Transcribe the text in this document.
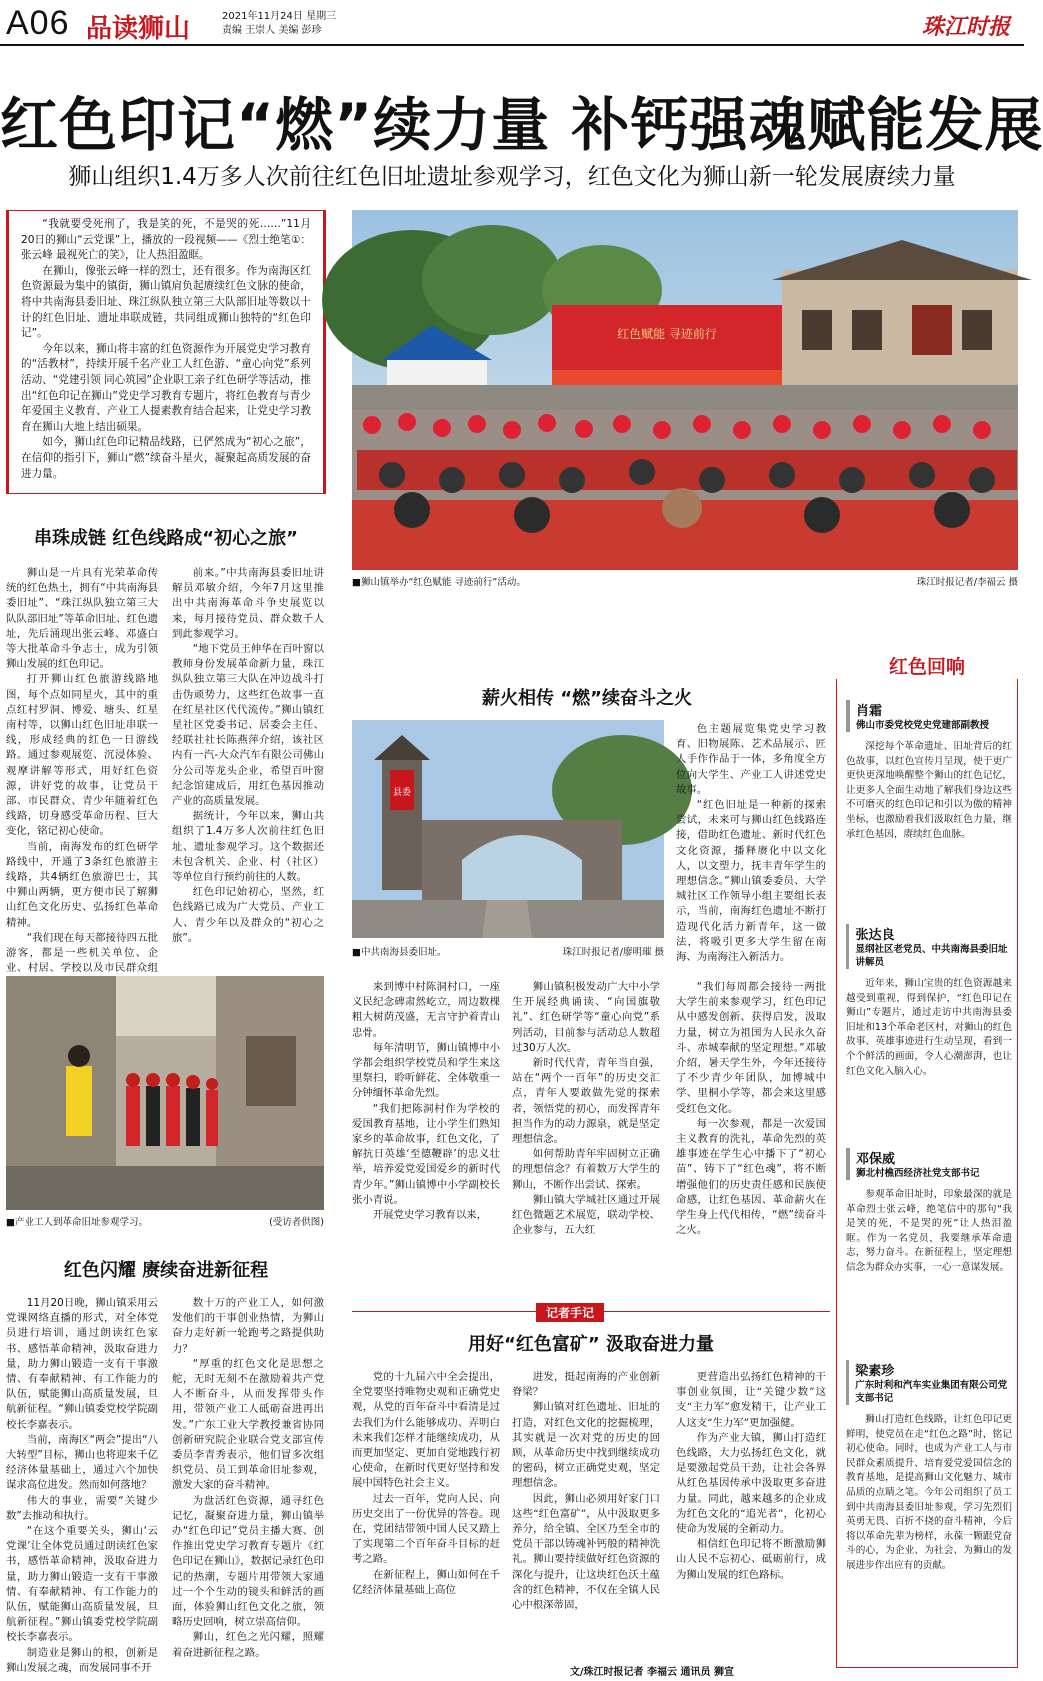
A06 品读狮山	2021年11月24日 星期三
责编 王崇人 美编 彭珍	珠江时报
红色印记“燃”续力量 补钙强魂赋能发展
狮山组织1.4万多人次前往红色旧址遗址参观学习，红色文化为狮山新一轮发展赓续力量

“我就要受死刑了，我是笑的死，不是哭的死……”11月20日的狮山“云党课”上，播放的一段视频——《烈士绝笔①：张云峰 最视死亡的笑》，让人热泪盈眶。

在狮山，像张云峰一样的烈士，还有很多。作为南海区红色资源最为集中的镇街，狮山镇肩负起赓续红色文脉的使命，将中共南海县委旧址、珠江纵队独立第三大队部旧址等数以十计的红色旧址、遗址串联成链，共同组成狮山独特的“红色印记”。

今年以来，狮山将丰富的红色资源作为开展党史学习教育的“活教材”，持续开展千名产业工人红色游、“童心向党”系列活动、“党建引领 同心筑园”企业职工亲子红色研学等活动，推出“红色印记在狮山”党史学习教育专题片，将红色教育与青少年爱国主义教育、产业工人提素教育结合起来，让党史学习教育在狮山大地上结出硕果。

如今，狮山红色印记精品线路，已俨然成为“初心之旅”，在信仰的指引下，狮山“燃”续奋斗星火，凝聚起高质发展的奋进力量。

红色赋能 寻迹前行
■狮山镇举办“红色赋能 寻迹前行”活动。	珠江时报记者/李福云 摄
串珠成链 红色线路成“初心之旅”

狮山是一片具有光荣革命传统的红色热土，拥有“中共南海县委旧址”、“珠江纵队独立第三大队队部旧址”等革命旧址、红色遗址，先后涌现出张云峰、邓盛白等大批革命斗争志士，成为引领狮山发展的红色印记。

打开狮山红色旅游线路地图，每个点如同星火，其中的重点红村罗洞、博爱、塘头、红星南村等，以狮山红色旧址串联一线，形成经典的红色一日游线路。通过参观展览、沉浸体验、观摩讲解等形式，用好红色资源，讲好党的故事，让党员干部、市民群众、青少年随着红色线路，切身感受革命历程、巨大变化，铭记初心使命。

当前，南海发布的红色研学路线中，开通了3条红色旅游主线路，共4辆红色旅游巴士，其中狮山两辆，更方便市民了解狮山红色文化历史、弘扬红色革命精神。

“我们现在每天都接待四五批游客，都是一些机关单位、企业、村居、学校以及市民群众组

前来。”中共南海县委旧址讲解员邓敏介绍，今年7月这里推出中共南海革命斗争史展览以来，每月接待党员、群众数千人到此参观学习。

“地下党员王伸华在百叶窗以教师身份发展革命新力量，珠江纵队独立第三大队在冲边战斗打击伪顽势力，这些红色故事一直在红星社区代代流传。”狮山镇红星社区党委书记、居委会主任、经联社社长陈燕萍介绍，该社区内有一汽-大众汽车有限公司佛山分公司等龙头企业，希望百叶窗纪念馆建成后，用红色基因推动产业的高质量发展。

据统计，今年以来，狮山共组织了1.4万多人次前往红色旧址、遗址参观学习。这个数据还未包含机关、企业、村（社区）等单位自行预约前往的人数。

红色印记始初心，坚然，红色线路已成为广大党员、产业工人、青少年以及群众的“初心之旅”。

■产业工人到革命旧址参观学习。	(受访者供图)
红色闪耀 赓续奋进新征程

11月20日晚，狮山镇采用云党课网络直播的形式，对全体党员进行培训，通过朗读红色家书、感悟革命精神，汲取奋进力量，助力狮山锻造一支有干事激情、有奉献精神、有工作能力的队伍，赋能狮山高质量发展，旦航新征程。“狮山镇委党校学院副校长李嘉表示。

当前，南海区“两会”提出“八大转型”目标，狮山也将迎来千亿经济体量基础上，通过六个加快谋求高位进发。然而如何落地？

伟大的事业，需要“关键少数”去推动和执行。

“在这个重要关头，狮山‘云党课’让全体党员通过朗读红色家书，感悟革命精神，汲取奋进力量，助力狮山锻造一支有干事激情、有奉献精神、有工作能力的队伍，赋能狮山高质量发展，旦航新征程。”狮山镇委党校学院副校长李嘉表示。

制造业是狮山的根，创新是狮山发展之魂，而发展同事不开

数十万的产业工人，如何激发他们的干事创业热情，为狮山奋力走好新一轮跑考之路提供助力？

“厚重的红色文化是思想之舵，无时无刻不在激励着共产党人不断奋斗，从而发挥带头作用，带领产业工人砥砺奋进再出发。”广东工业大学教授兼省协同创新研究院企业联合党支部宣传委员李青秀表示，他们冒多次组织党员、员工到革命旧址参观，激发大家的奋斗精神。

为盘活红色资源，通寻红色记忆，凝聚奋进力量，狮山镇举办“红色印记”党员主播大赛、创作推出党史学习教育专题片《红色印记在狮山》，数据记录红色印记的热潮，专题片用带领大家通过一个个生动的镜头和鲜活的画面，体验狮山红色文化之旅，领略历史回响，树立崇高信仰。

狮山，红色之光闪耀，照耀着奋进新征程之路。

薪火相传 “燃”续奋斗之火
县委
■中共南海县委旧址。	珠江时报记者/廖明璀 摄

色主题展览集党史学习教育、旧物展陈、艺术品展示、匠人手作作品于一体，多角度全方位向大学生、产业工人讲述党史故事。

“红色旧址是一种新的探索尝试，未来可与狮山红色线路连接，借助红色遗址、新时代红色文化资源，播释赓化中以文化人，以文塑力，抚丰青年学生的理想信念。”狮山镇委委员、大学城社区工作领导小组主要组长表示，当前，南海红色遗址不断打造现代化活力新青年，这一做法，将吸引更多大学生留在南海、为南海注入新活力。

来到博中村陈洞村口，一座义民纪念碑肃然屹立，周边数棵粗大树荫茂盛，无言守护着青山忠骨。

每年清明节，狮山镇博中小学都会组织学校党员和学生来这里祭扫，聆听鲜花、全体敬重一分钟缅怀革命先烈。

“我们把陈洞村作为学校的爱国教育基地，让小学生们熟知家乡的革命故事，红色文化，了解抗日英雄‘至德鞭辟’的忠义壮举，培养爱党爱国爱乡的新时代青少年。”狮山镇博中小学副校长张小青说。

开展党史学习教育以来，

狮山镇积极发动广大中小学生开展经典诵读、“向国旗敬礼”、红色研学等“童心向党”系列活动，目前参与活动总人数超过30万人次。

新时代代青，青年当自强，站在“两个一百年”的历史交汇点，青年人要敢做先觉的探索者，领悟党的初心，而发挥青年担当作为的动力源泉，就是坚定理想信念。

如何帮助青年牢固树立正确的理想信念？有着数万大学生的狮山，不断作出尝试、探索。

狮山镇大学城社区通过开展红色微题艺术展览，联动学校、企业参与，五大红

“我们每周都会接待一两批大学生前来参观学习，红色印记从中感发创新、获得启发，汲取力量，树立为祖国为人民永久奋斗、赤城奉献的坚定理想。”邓敏介绍，暑天学生外，今年还接待了不少青少年团队，加博城中学、里桐小学等，都会来这里感受红色文化。

每一次参观，都是一次爱国主义教育的洗礼，革命先烈的英雄事迹在学生心中播下了“初心苗”、铸下了“红色魂”，将不断增强他们的历史责任感和民族使命感，让红色基因、革命薪火在学生身上代代相传，“燃”续奋斗之火。

记者手记
用好“红色富矿” 汲取奋进力量

党的十九届六中全会提出，全党要坚持唯物史观和正确党史观，从党的百年奋斗中看清是过去我们为什么能够成功、弄明白未来我们怎样才能继续成功，从而更加坚定、更加自觉地践行初心使命，在新时代更好坚持和发展中国特色社会主义。

过去一百年，党向人民、向历史交出了一份优异的答卷。现在，党团结带领中国人民又踏上了实现第二个百年奋斗目标的赶考之路。

在新征程上，狮山如何在千亿经济体量基础上高位

进发，挺起南海的产业创新脊梁？

狮山镇对红色遗址、旧址的打造，对红色文化的挖掘梳理，其实就是一次对党的历史的回顾，从革命历史中找到继续成功的密码，树立正确党史观，坚定理想信念。

因此，狮山必须用好家门口这些“红色富矿”，从中汲取更多养分，给全镇、全区乃至全市的党员干部以铸魂补钙般的精神洗礼。狮山要持续做好红色资源的深化与提升，让这块红色沃土蕴含的红色精神，不仅在全镇人民心中根深蒂固，

更营造出弘扬红色精神的干事创业氛围，让“关键少数”这支“主力军”愈发精干，让产业工人这支“生力军”更加强健。

作为产业大镇，狮山打造红色线路，大力弘扬红色文化，就是要激起党员干劲，让社会各界从红色基因传承中汲取更多奋进力量。同此，越来越多的企业成为红色文化的“追光者”，化初心使命为发展的全新动力。

相信红色印记将不断激励狮山人民不忘初心、砥砺前行，成为狮山发展的红色路标。

文/珠江时报记者 李福云 通讯员 狮宣
红色回响
肖霜
佛山市委党校党史党建部副教授

深挖每个革命遗址、旧址背后的红色故事，以红色宣传月呈现，使于更广更快更深地唤醒整个狮山的红色记忆，让更多人全面生动地了解我们身边这些不可磨灭的红色印记和引以为傲的精神坐标，也激励着我们汲取红色力量，继承红色基因，赓续红色血脉。

张达良
显纲社区老党员、中共南海县委旧址讲解员

近年来，狮山宝贵的红色资源越来越受到重视，得到保护，“红色印记在狮山”专题片，通过走访中共南海县委旧址和13个革命老区村，对狮山的红色故事、英雄事迹进行生动呈现，看到一个个鲜活的画面，令人心潮澎湃，也让红色文化入脑入心。

邓保威
狮北村樵西经济社党支部书记

参观革命旧址时，印象最深的就是革命烈士张云峰，绝笔信中的那句“我是笑的死，不是哭的死”让人热泪盈眶。作为一名党员，我要继承革命遗志，努力奋斗。在新征程上，坚定理想信念为群众办实事，一心一意谋发展。

梁素珍
广东时利和汽车实业集团有限公司党支部书记

狮山打造红色线路，让红色印记更鲜明，使党员在走“红色之路”时，铭记初心使命。同时，也成为产业工人与市民群众素质提升、培育爱党爱国信念的教育基地，是提高狮山文化魅力、城市品质的点睛之笔。今年公司组织了员工到中共南海县委旧址参观，学习先烈们英勇无畏、百折不挠的奋斗精神，今后将以革命先辈为榜样，永葆一颗跟党奋斗的心，为企业、为社会、为狮山的发展进步作出应有的贡献。
